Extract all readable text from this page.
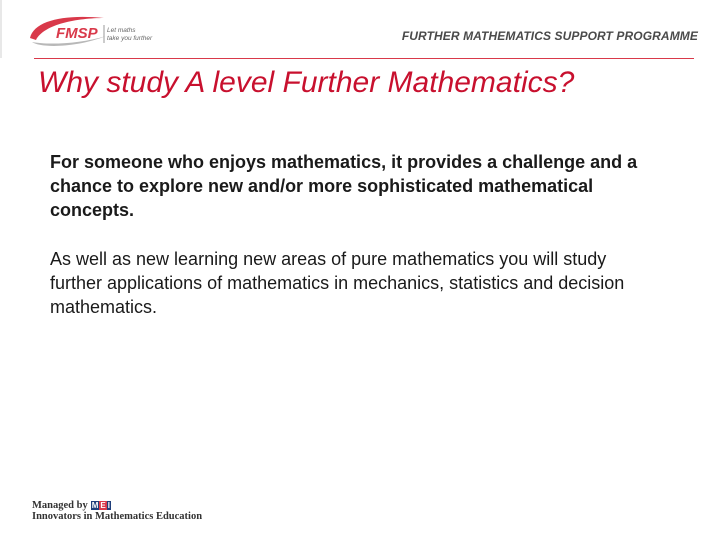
FMSP Let maths
take you further	FURTHER MATHEMATICS SUPPORT PROGRAMME
Why study A level Further Mathematics?

For someone who enjoys mathematics, it provides a challenge and a chance to explore new and/or more sophisticated mathematical concepts.

As well as new learning new areas of pure mathematics you will study further applications of mathematics in mechanics, statistics and decision mathematics.

Managed by M E I
Innovators in Mathematics Education
